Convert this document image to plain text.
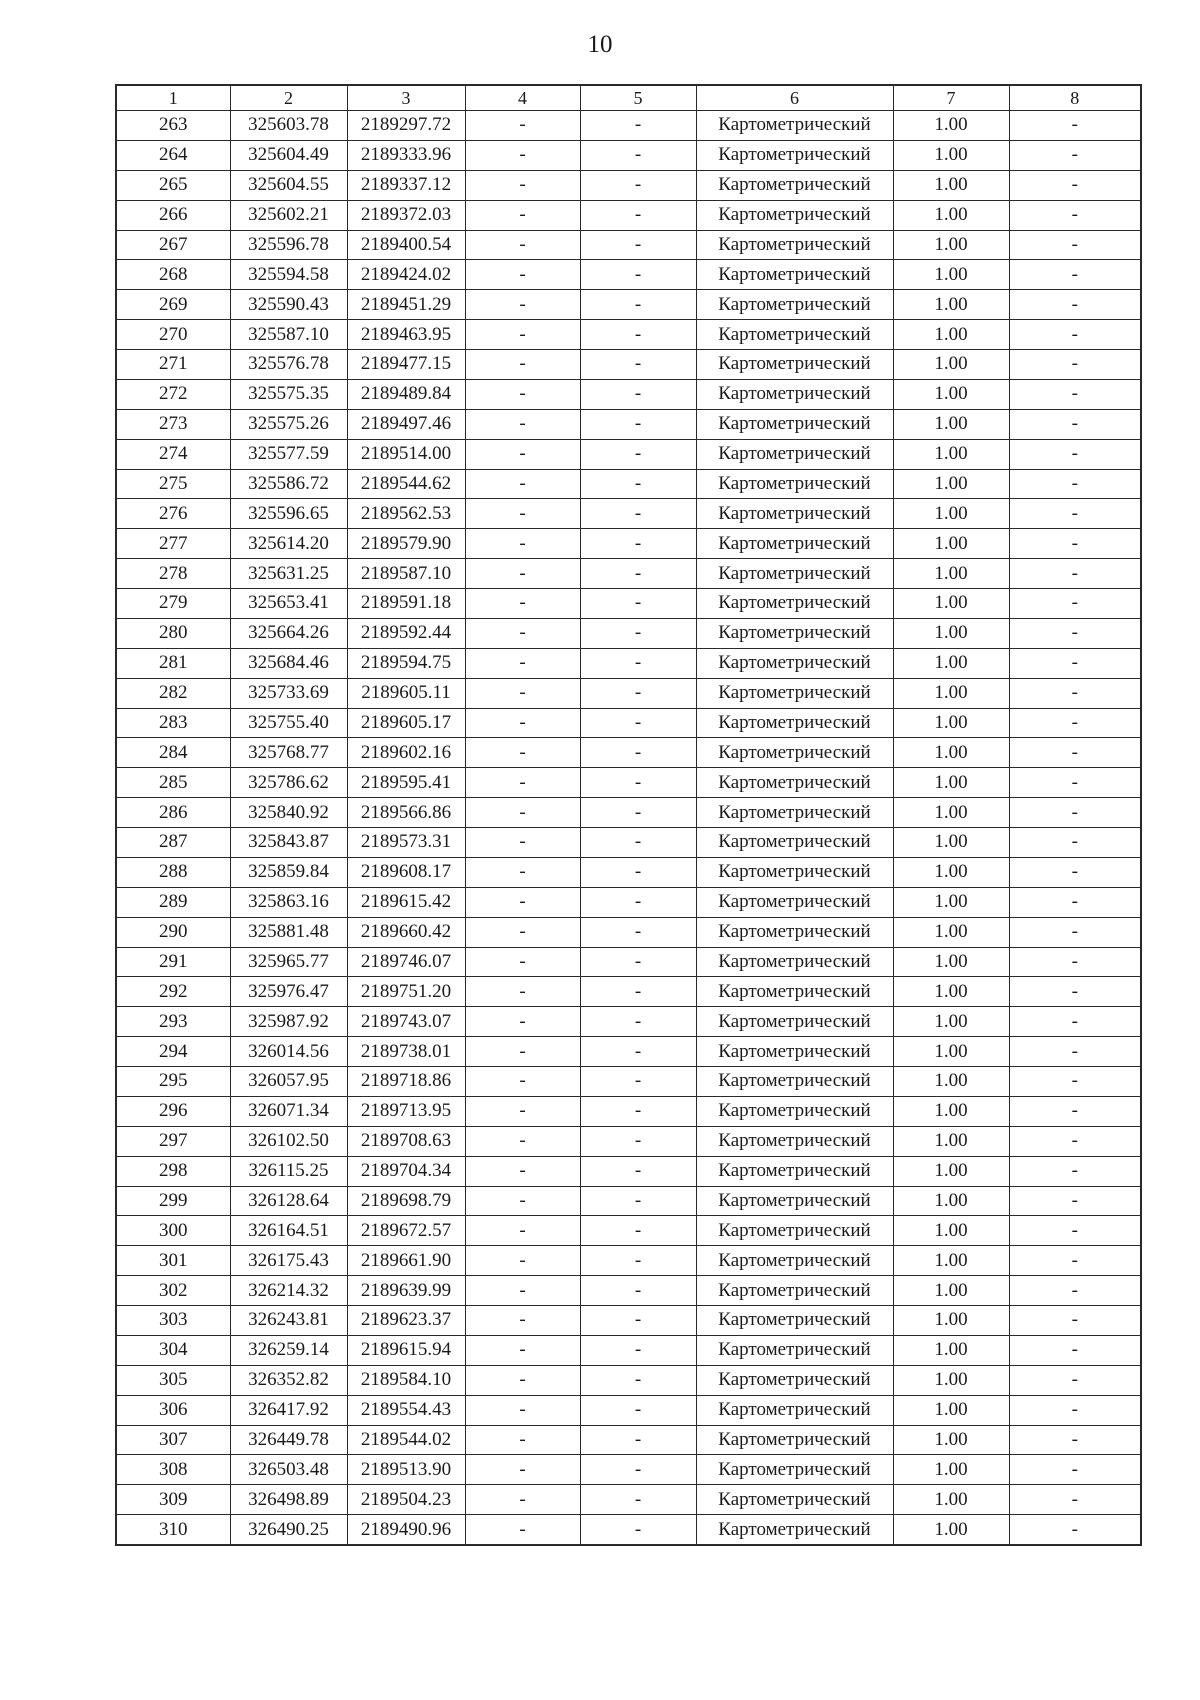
10
1	2	3	4	5	6	7	8
263	325603.78	2189297.72	-	-	Картометрический	1.00	-
264	325604.49	2189333.96	-	-	Картометрический	1.00	-
265	325604.55	2189337.12	-	-	Картометрический	1.00	-
266	325602.21	2189372.03	-	-	Картометрический	1.00	-
267	325596.78	2189400.54	-	-	Картометрический	1.00	-
268	325594.58	2189424.02	-	-	Картометрический	1.00	-
269	325590.43	2189451.29	-	-	Картометрический	1.00	-
270	325587.10	2189463.95	-	-	Картометрический	1.00	-
271	325576.78	2189477.15	-	-	Картометрический	1.00	-
272	325575.35	2189489.84	-	-	Картометрический	1.00	-
273	325575.26	2189497.46	-	-	Картометрический	1.00	-
274	325577.59	2189514.00	-	-	Картометрический	1.00	-
275	325586.72	2189544.62	-	-	Картометрический	1.00	-
276	325596.65	2189562.53	-	-	Картометрический	1.00	-
277	325614.20	2189579.90	-	-	Картометрический	1.00	-
278	325631.25	2189587.10	-	-	Картометрический	1.00	-
279	325653.41	2189591.18	-	-	Картометрический	1.00	-
280	325664.26	2189592.44	-	-	Картометрический	1.00	-
281	325684.46	2189594.75	-	-	Картометрический	1.00	-
282	325733.69	2189605.11	-	-	Картометрический	1.00	-
283	325755.40	2189605.17	-	-	Картометрический	1.00	-
284	325768.77	2189602.16	-	-	Картометрический	1.00	-
285	325786.62	2189595.41	-	-	Картометрический	1.00	-
286	325840.92	2189566.86	-	-	Картометрический	1.00	-
287	325843.87	2189573.31	-	-	Картометрический	1.00	-
288	325859.84	2189608.17	-	-	Картометрический	1.00	-
289	325863.16	2189615.42	-	-	Картометрический	1.00	-
290	325881.48	2189660.42	-	-	Картометрический	1.00	-
291	325965.77	2189746.07	-	-	Картометрический	1.00	-
292	325976.47	2189751.20	-	-	Картометрический	1.00	-
293	325987.92	2189743.07	-	-	Картометрический	1.00	-
294	326014.56	2189738.01	-	-	Картометрический	1.00	-
295	326057.95	2189718.86	-	-	Картометрический	1.00	-
296	326071.34	2189713.95	-	-	Картометрический	1.00	-
297	326102.50	2189708.63	-	-	Картометрический	1.00	-
298	326115.25	2189704.34	-	-	Картометрический	1.00	-
299	326128.64	2189698.79	-	-	Картометрический	1.00	-
300	326164.51	2189672.57	-	-	Картометрический	1.00	-
301	326175.43	2189661.90	-	-	Картометрический	1.00	-
302	326214.32	2189639.99	-	-	Картометрический	1.00	-
303	326243.81	2189623.37	-	-	Картометрический	1.00	-
304	326259.14	2189615.94	-	-	Картометрический	1.00	-
305	326352.82	2189584.10	-	-	Картометрический	1.00	-
306	326417.92	2189554.43	-	-	Картометрический	1.00	-
307	326449.78	2189544.02	-	-	Картометрический	1.00	-
308	326503.48	2189513.90	-	-	Картометрический	1.00	-
309	326498.89	2189504.23	-	-	Картометрический	1.00	-
310	326490.25	2189490.96	-	-	Картометрический	1.00	-
